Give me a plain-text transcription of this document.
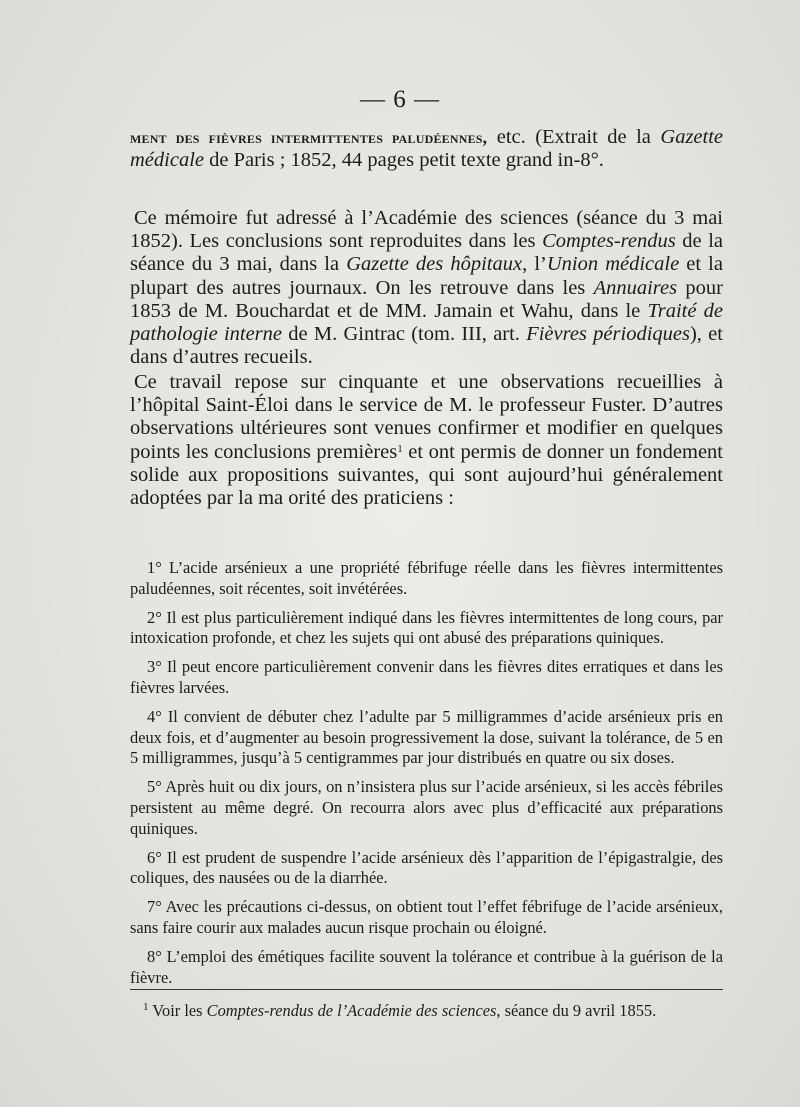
— 6 —
ment des fièvres intermittentes paludéennes, etc. (Extrait de la Gazette médicale de Paris ; 1852, 44 pages petit texte grand in-8°.
Ce mémoire fut adressé à l’Académie des sciences (séance du 3 mai 1852). Les conclusions sont reproduites dans les Comptes-rendus de la séance du 3 mai, dans la Gazette des hôpitaux, l’Union médicale et la plupart des autres journaux. On les retrouve dans les Annuaires pour 1853 de M. Bouchardat et de MM. Jamain et Wahu, dans le Traité de pathologie interne de M. Gintrac (tom. III, art. Fièvres périodiques), et dans d’autres recueils.
Ce travail repose sur cinquante et une observations recueillies à l’hôpital Saint-Éloi dans le service de M. le professeur Fuster. D’autres observations ultérieures sont venues confirmer et modifier en quelques points les conclusions premières$^1$ et ont permis de donner un fondement solide aux propositions suivantes, qui sont aujourd’hui généralement adoptées par la ma orité des praticiens :

1° L’acide arsénieux a une propriété fébrifuge réelle dans les fièvres intermittentes paludéennes, soit récentes, soit invétérées.

2° Il est plus particulièrement indiqué dans les fièvres intermittentes de long cours, par intoxication profonde, et chez les sujets qui ont abusé des préparations quiniques.

3° Il peut encore particulièrement convenir dans les fièvres dites erratiques et dans les fièvres larvées.

4° Il convient de débuter chez l’adulte par 5 milligrammes d’acide arsénieux pris en deux fois, et d’augmenter au besoin progressivement la dose, suivant la tolérance, de 5 en 5 milligrammes, jusqu’à 5 centigrammes par jour distribués en quatre ou six doses.

5° Après huit ou dix jours, on n’insistera plus sur l’acide arsénieux, si les accès fébriles persistent au même degré. On recourra alors avec plus d’efficacité aux préparations quiniques.

6° Il est prudent de suspendre l’acide arsénieux dès l’apparition de l’épigastralgie, des coliques, des nausées ou de la diarrhée.

7° Avec les précautions ci-dessus, on obtient tout l’effet fébrifuge de l’acide arsénieux, sans faire courir aux malades aucun risque prochain ou éloigné.

8° L’emploi des émétiques facilite souvent la tolérance et contribue à la guérison de la fièvre.

$^1$ Voir les Comptes-rendus de l’Académie des sciences, séance du 9 avril 1855.
